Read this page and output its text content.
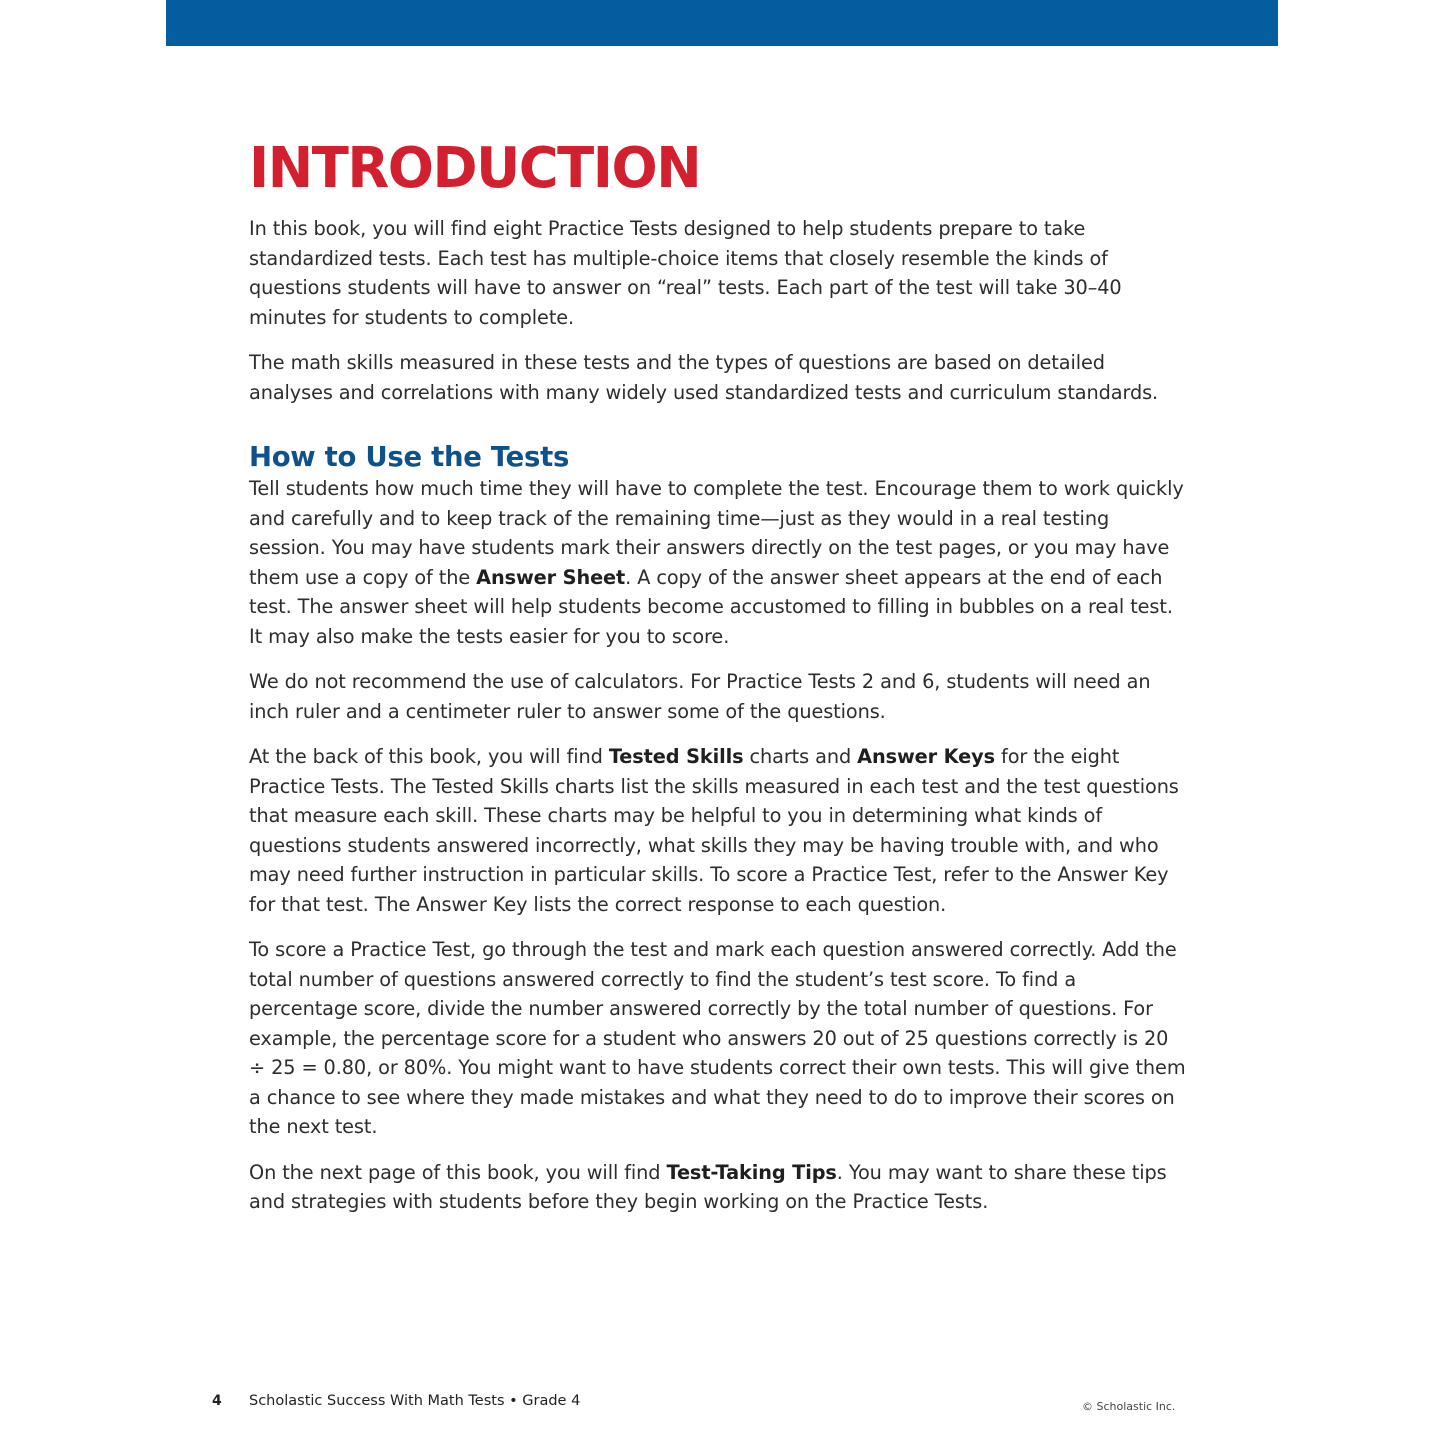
INTRODUCTION

In this book, you will find eight Practice Tests designed to help students prepare to take standardized tests. Each test has multiple-choice items that closely resemble the kinds of questions students will have to answer on “real” tests. Each part of the test will take 30–40 minutes for students to complete.

The math skills measured in these tests and the types of questions are based on detailed analyses and correlations with many widely used standardized tests and curriculum standards.

How to Use the Tests

Tell students how much time they will have to complete the test. Encourage them to work quickly and carefully and to keep track of the remaining time—just as they would in a real testing session. You may have students mark their answers directly on the test pages, or you may have them use a copy of the Answer Sheet. A copy of the answer sheet appears at the end of each test. The answer sheet will help students become accustomed to filling in bubbles on a real test. It may also make the tests easier for you to score.

We do not recommend the use of calculators. For Practice Tests 2 and 6, students will need an inch ruler and a centimeter ruler to answer some of the questions.

At the back of this book, you will find Tested Skills charts and Answer Keys for the eight Practice Tests. The Tested Skills charts list the skills measured in each test and the test questions that measure each skill. These charts may be helpful to you in determining what kinds of questions students answered incorrectly, what skills they may be having trouble with, and who may need further instruction in particular skills. To score a Practice Test, refer to the Answer Key for that test. The Answer Key lists the correct response to each question.

To score a Practice Test, go through the test and mark each question answered correctly. Add the total number of questions answered correctly to find the student’s test score. To find a percentage score, divide the number answered correctly by the total number of questions. For example, the percentage score for a student who answers 20 out of 25 questions correctly is 20 ÷ 25 = 0.80, or 80%. You might want to have students correct their own tests. This will give them a chance to see where they made mistakes and what they need to do to improve their scores on the next test.

On the next page of this book, you will find Test-Taking Tips. You may want to share these tips and strategies with students before they begin working on the Practice Tests.

4 Scholastic Success With Math Tests • Grade 4	© Scholastic Inc.
